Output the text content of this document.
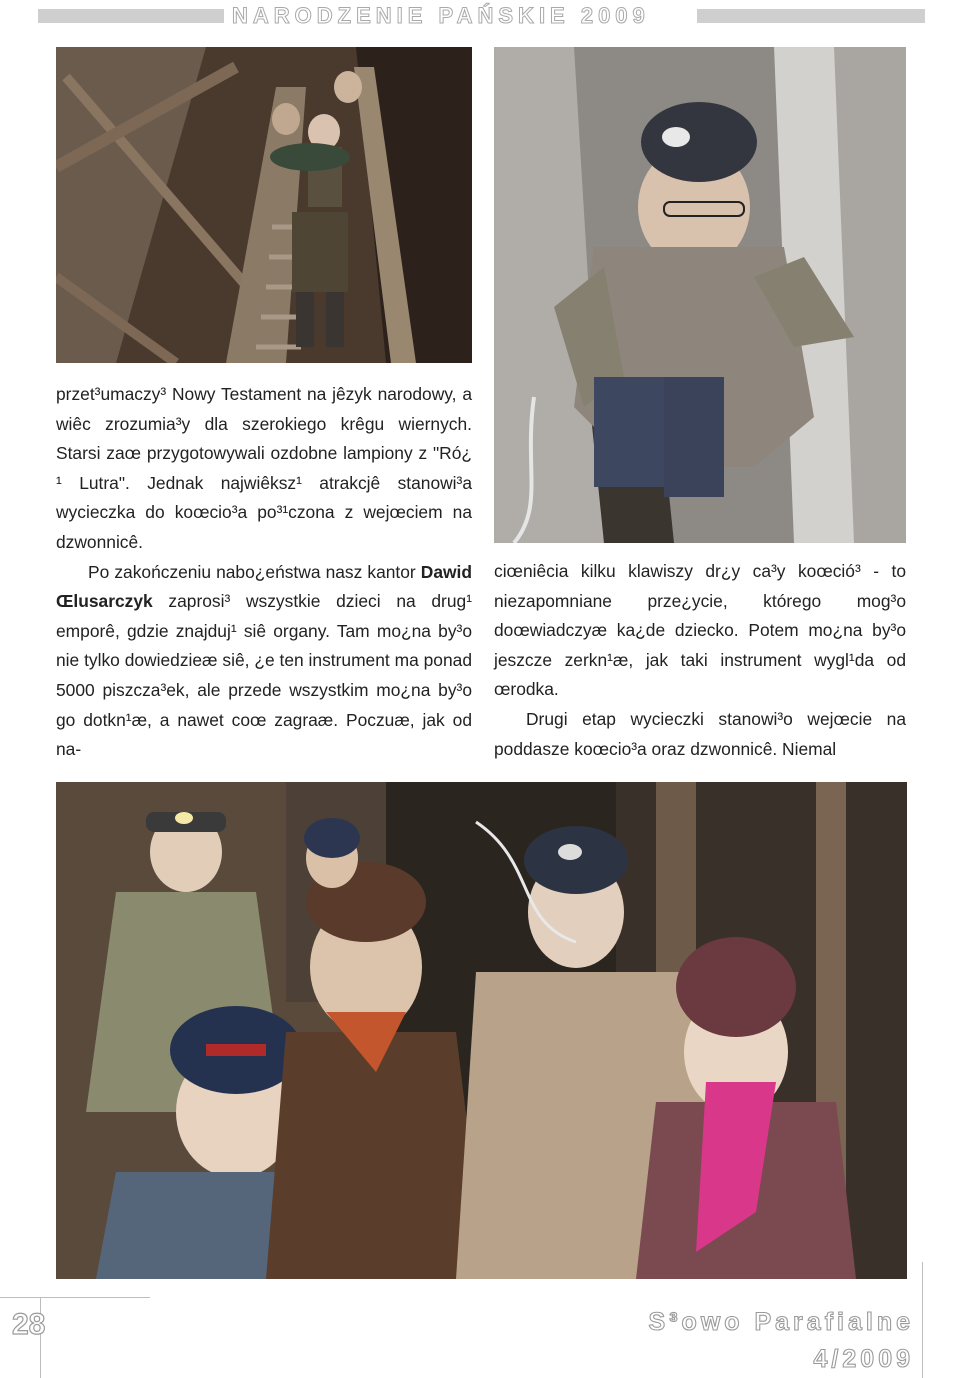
NARODZENIE PAŃSKIE 2009

przet³umaczy³ Nowy Testament na jêzyk narodowy, a wiêc zrozumia³y dla szerokiego krêgu wiernych. Starsi zaœ przygotowywali ozdobne lampiony z "Ró¿ ¹ Lutra". Jednak najwiêksz¹ atrakcjê stanowi³a wycieczka do koœcio³a po³¹czona z wejœciem na dzwonnicê.

Po zakończeniu nabo¿eństwa nasz kantor Dawid Œlusarczyk zaprosi³ wszystkie dzieci na drug¹ emporê, gdzie znajduj¹ siê organy. Tam mo¿na by³o nie tylko dowiedzieæ siê, ¿e ten instrument ma ponad 5000 piszcza³ek, ale przede wszystkim mo¿na by³o go dotkn¹æ, a nawet coœ zagraæ. Poczuæ, jak od na-

ciœniêcia kilku klawiszy dr¿y ca³y koœció³ - to niezapomniane prze¿ycie, którego mog³o doœwiadczyæ ka¿de dziecko. Potem mo¿na by³o jeszcze zerkn¹æ, jak taki instrument wygl¹da od œrodka.

Drugi etap wycieczki stanowi³o wejœcie na poddasze koœcio³a oraz dzwonnicê. Niemal

28	S³owo Parafialne
4/2009
